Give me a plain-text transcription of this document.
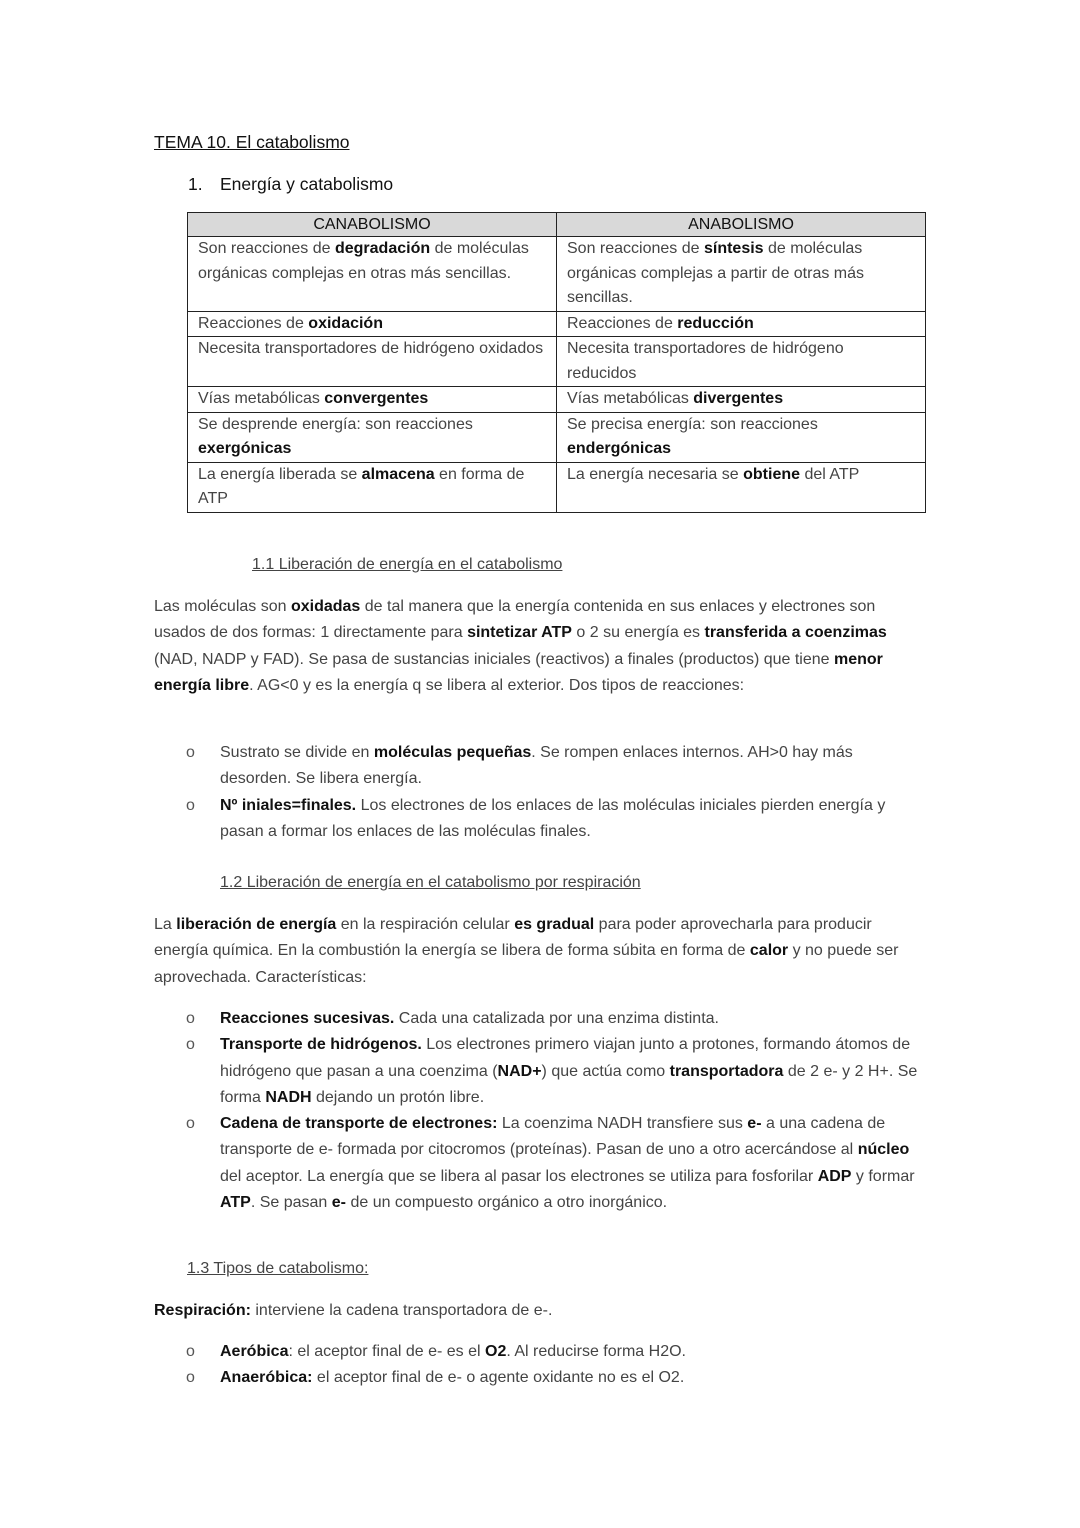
TEMA 10. El catabolismo
1. Energía y catabolismo
CANABOLISMO	ANABOLISMO
Son reacciones de degradación de moléculas orgánicas complejas en otras más sencillas.	Son reacciones de síntesis de moléculas orgánicas complejas a partir de otras más sencillas.
Reacciones de oxidación	Reacciones de reducción
Necesita transportadores de hidrógeno oxidados	Necesita transportadores de hidrógeno reducidos
Vías metabólicas convergentes	Vías metabólicas divergentes
Se desprende energía: son reacciones exergónicas	Se precisa energía: son reacciones endergónicas
La energía liberada se almacena en forma de ATP	La energía necesaria se obtiene del ATP
1.1 Liberación de energía en el catabolismo
Las moléculas son oxidadas de tal manera que la energía contenida en sus enlaces y electrones son usados de dos formas: 1 directamente para sintetizar ATP o 2 su energía es transferida a coenzimas (NAD, NADP y FAD). Se pasa de sustancias iniciales (reactivos) a finales (productos) que tiene menor energía libre. AG<0 y es la energía q se libera al exterior. Dos tipos de reacciones:
o Sustrato se divide en moléculas pequeñas. Se rompen enlaces internos. AH>0 hay más desorden. Se libera energía.
o Nº iniales=finales. Los electrones de los enlaces de las moléculas iniciales pierden energía y pasan a formar los enlaces de las moléculas finales.
1.2 Liberación de energía en el catabolismo por respiración
La liberación de energía en la respiración celular es gradual para poder aprovecharla para producir energía química. En la combustión la energía se libera de forma súbita en forma de calor y no puede ser aprovechada. Características:
o Reacciones sucesivas. Cada una catalizada por una enzima distinta.
o Transporte de hidrógenos. Los electrones primero viajan junto a protones, formando átomos de hidrógeno que pasan a una coenzima (NAD+) que actúa como transportadora de 2 e- y 2 H+. Se forma NADH dejando un protón libre.
o Cadena de transporte de electrones: La coenzima NADH transfiere sus e- a una cadena de transporte de e- formada por citocromos (proteínas). Pasan de uno a otro acercándose al núcleo del aceptor. La energía que se libera al pasar los electrones se utiliza para fosforilar ADP y formar ATP. Se pasan e- de un compuesto orgánico a otro inorgánico.
1.3 Tipos de catabolismo:
Respiración: interviene la cadena transportadora de e-.
o Aeróbica: el aceptor final de e- es el O2. Al reducirse forma H2O.
o Anaeróbica: el aceptor final de e- o agente oxidante no es el O2.
